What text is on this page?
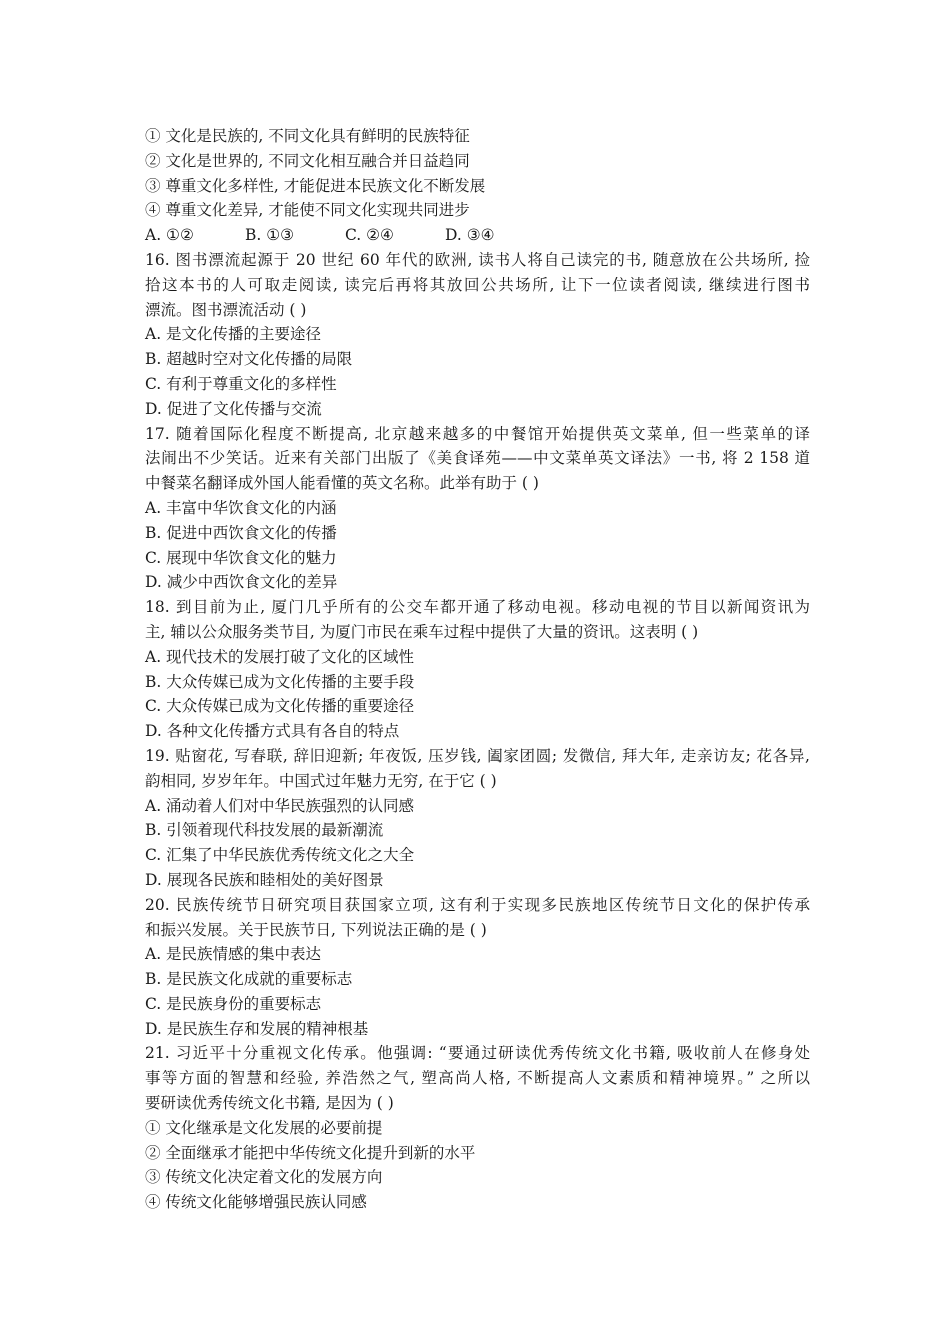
① 文化是民族的, 不同文化具有鲜明的民族特征
② 文化是世界的, 不同文化相互融合并日益趋同
③ 尊重文化多样性, 才能促进本民族文化不断发展
④ 尊重文化差异, 才能使不同文化实现共同进步
A. ①②	B. ①③	C. ②④	D. ③④
16. 图书漂流起源于 20 世纪 60 年代的欧洲, 读书人将自己读完的书, 随意放在公共场所, 捡
拾这本书的人可取走阅读, 读完后再将其放回公共场所, 让下一位读者阅读, 继续进行图书
漂流。图书漂流活动 ( )
A. 是文化传播的主要途径
B. 超越时空对文化传播的局限
C. 有利于尊重文化的多样性
D. 促进了文化传播与交流
17. 随着国际化程度不断提高, 北京越来越多的中餐馆开始提供英文菜单, 但一些菜单的译
法闹出不少笑话。近来有关部门出版了《美食译苑——中文菜单英文译法》一书, 将 2 158 道
中餐菜名翻译成外国人能看懂的英文名称。此举有助于 ( )
A. 丰富中华饮食文化的内涵
B. 促进中西饮食文化的传播
C. 展现中华饮食文化的魅力
D. 减少中西饮食文化的差异
18. 到目前为止, 厦门几乎所有的公交车都开通了移动电视。移动电视的节目以新闻资讯为
主, 辅以公众服务类节目, 为厦门市民在乘车过程中提供了大量的资讯。这表明 ( )
A. 现代技术的发展打破了文化的区域性
B. 大众传媒已成为文化传播的主要手段
C. 大众传媒已成为文化传播的重要途径
D. 各种文化传播方式具有各自的特点
19. 贴窗花, 写春联, 辞旧迎新; 年夜饭, 压岁钱, 阖家团圆; 发微信, 拜大年, 走亲访友; 花各异,
韵相同, 岁岁年年。中国式过年魅力无穷, 在于它 ( )
A. 涌动着人们对中华民族强烈的认同感
B. 引领着现代科技发展的最新潮流
C. 汇集了中华民族优秀传统文化之大全
D. 展现各民族和睦相处的美好图景
20. 民族传统节日研究项目获国家立项, 这有利于实现多民族地区传统节日文化的保护传承
和振兴发展。关于民族节日, 下列说法正确的是 ( )
A. 是民族情感的集中表达
B. 是民族文化成就的重要标志
C. 是民族身份的重要标志
D. 是民族生存和发展的精神根基
21. 习近平十分重视文化传承。他强调: “要通过研读优秀传统文化书籍, 吸收前人在修身处
事等方面的智慧和经验, 养浩然之气, 塑高尚人格, 不断提高人文素质和精神境界。” 之所以
要研读优秀传统文化书籍, 是因为 ( )
① 文化继承是文化发展的必要前提
② 全面继承才能把中华传统文化提升到新的水平
③ 传统文化决定着文化的发展方向
④ 传统文化能够增强民族认同感
